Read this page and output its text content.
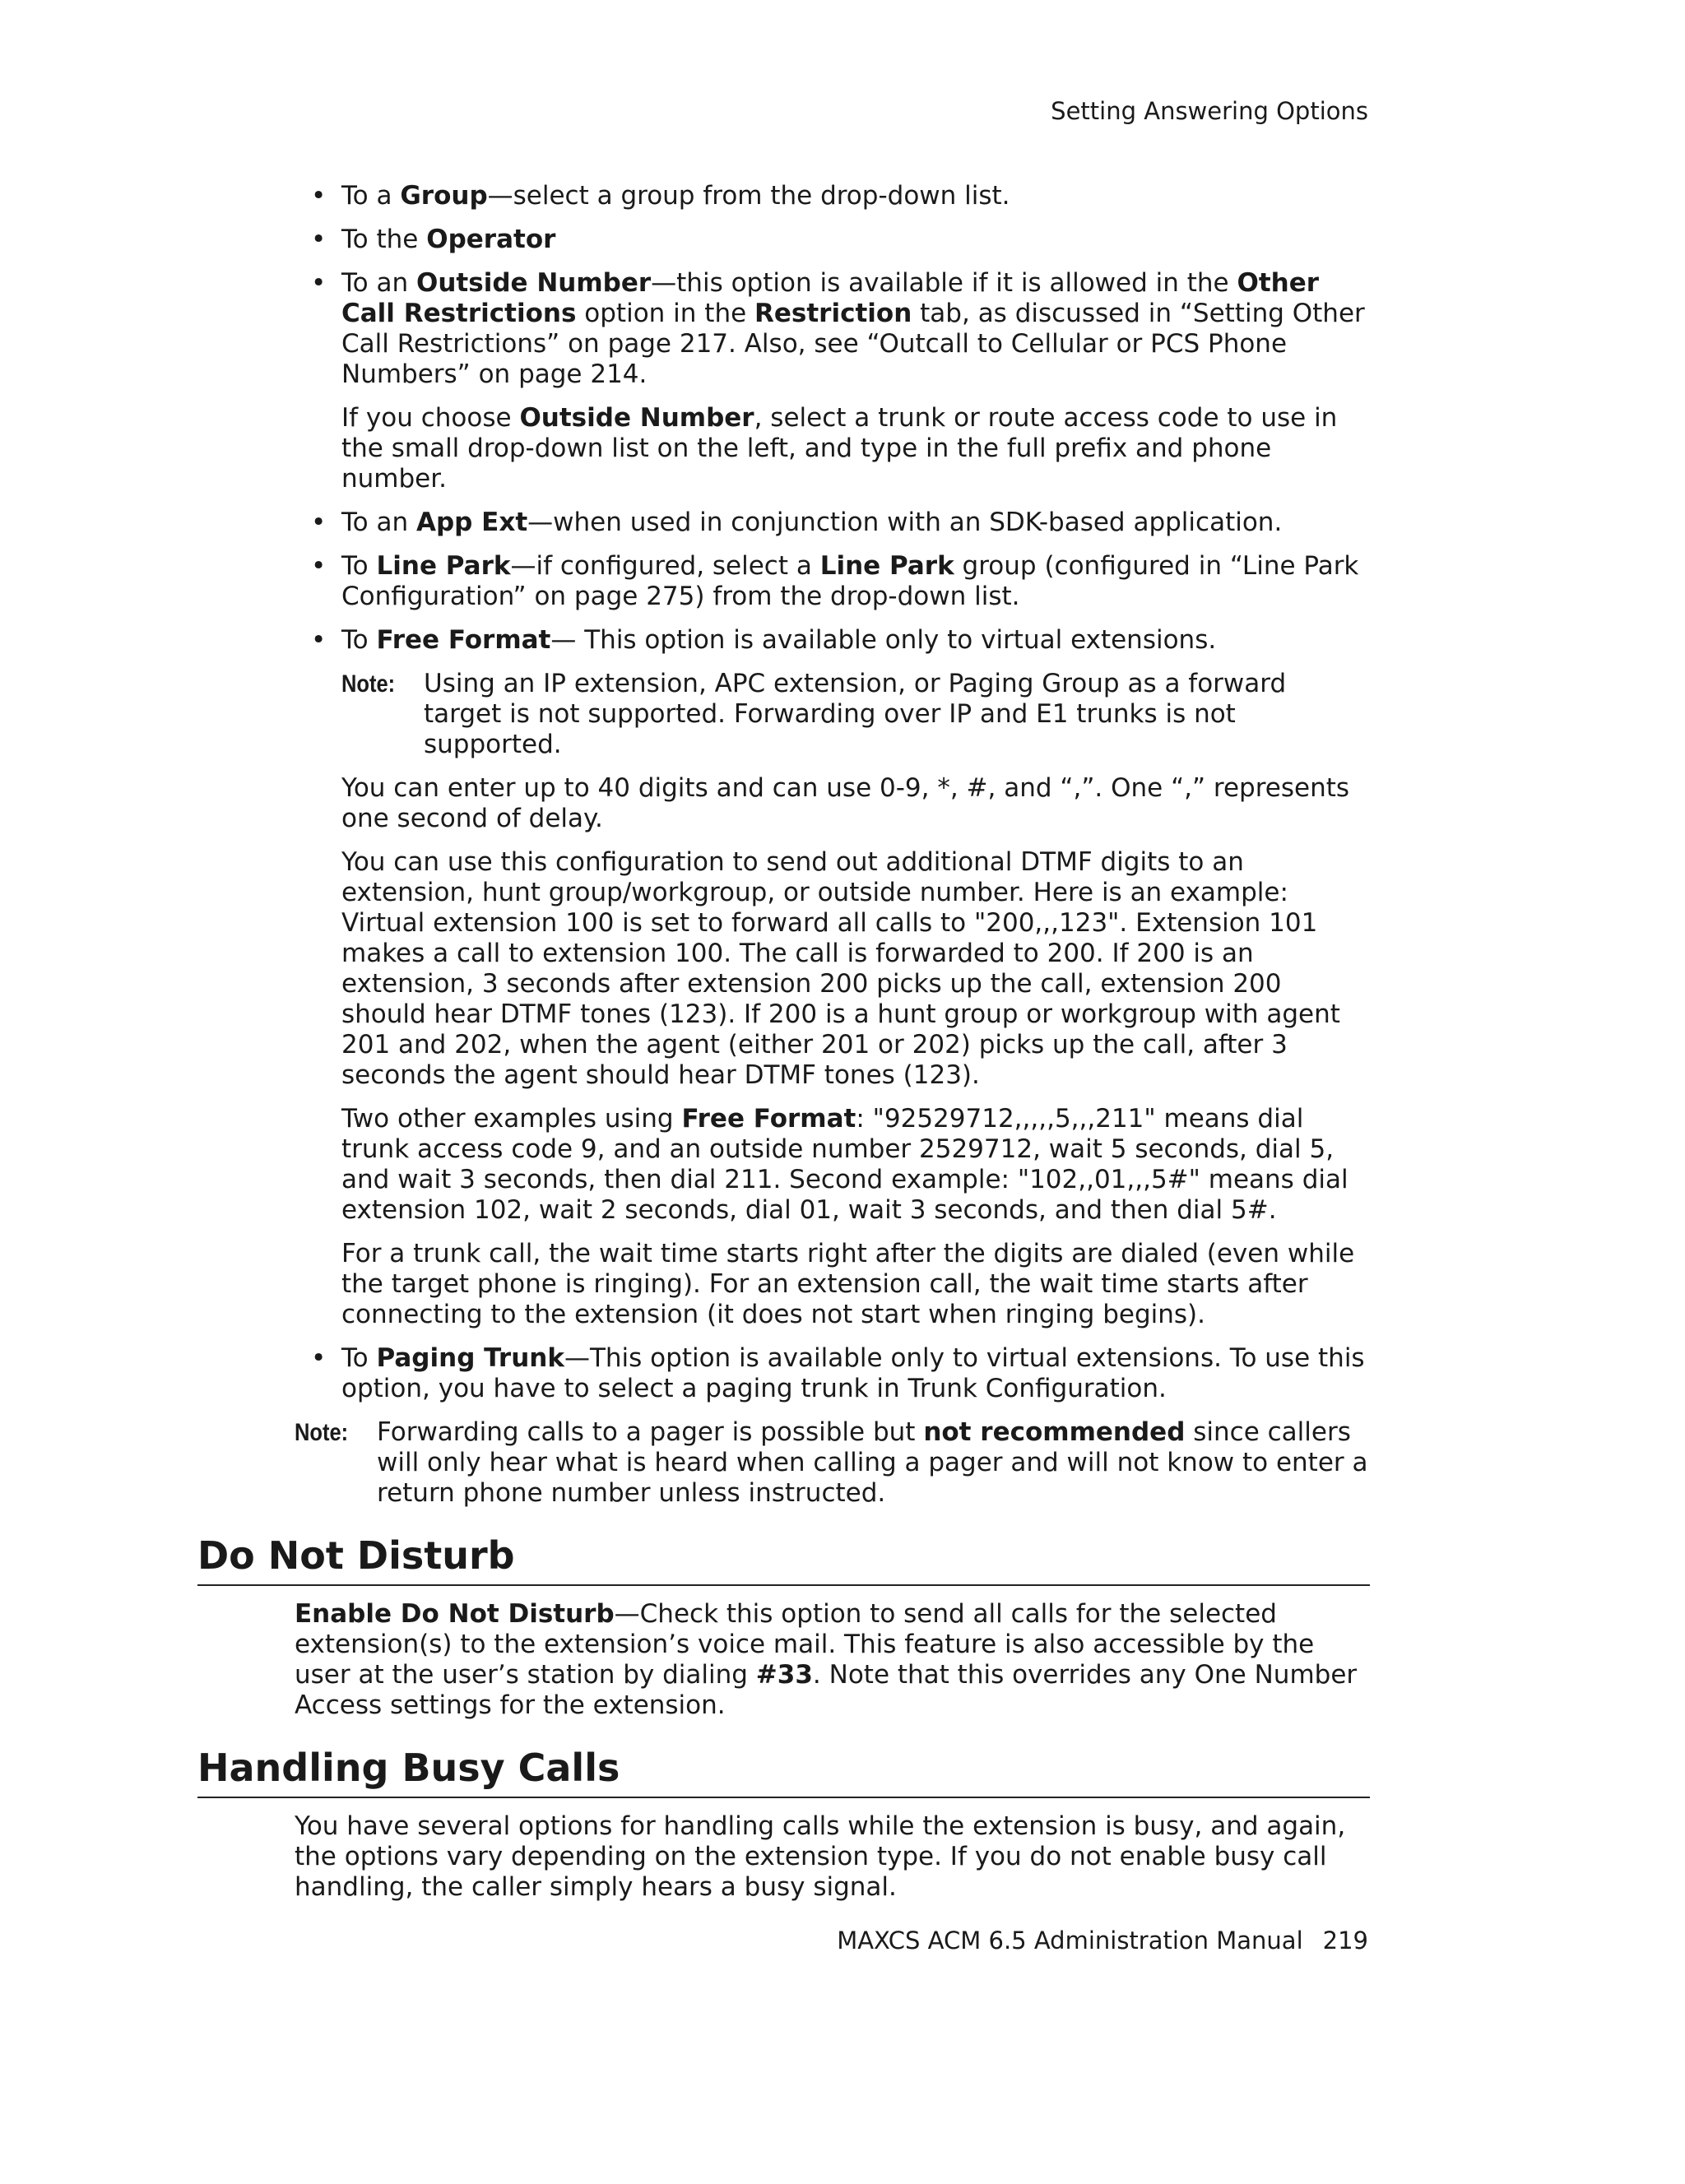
Setting Answering Options
• To a Group—select a group from the drop-down list.
• To the Operator
• To an Outside Number—this option is available if it is allowed in the Other Call Restrictions option in the Restriction tab, as discussed in “Setting Other Call Restrictions” on page 217. Also, see “Outcall to Cellular or PCS Phone Numbers” on page 214.

If you choose Outside Number, select a trunk or route access code to use in the small drop-down list on the left, and type in the full prefix and phone number.

• To an App Ext—when used in conjunction with an SDK-based application.
• To Line Park—if configured, select a Line Park group (configured in “Line Park Configuration” on page 275) from the drop-down list.
• To Free Format— This option is available only to virtual extensions.
Note:	Using an IP extension, APC extension, or Paging Group as a forward target is not supported. Forwarding over IP and E1 trunks is not supported.

You can enter up to 40 digits and can use 0-9, *, #, and “,”. One “,” represents one second of delay.

You can use this configuration to send out additional DTMF digits to an extension, hunt group/workgroup, or outside number. Here is an example: Virtual extension 100 is set to forward all calls to "200,,,123". Extension 101 makes a call to extension 100. The call is forwarded to 200. If 200 is an extension, 3 seconds after extension 200 picks up the call, extension 200 should hear DTMF tones (123). If 200 is a hunt group or workgroup with agent 201 and 202, when the agent (either 201 or 202) picks up the call, after 3 seconds the agent should hear DTMF tones (123).

Two other examples using Free Format: "92529712,,,,,5,,,211" means dial trunk access code 9, and an outside number 2529712, wait 5 seconds, dial 5, and wait 3 seconds, then dial 211. Second example: "102,,01,,,5#" means dial extension 102, wait 2 seconds, dial 01, wait 3 seconds, and then dial 5#.

For a trunk call, the wait time starts right after the digits are dialed (even while the target phone is ringing). For an extension call, the wait time starts after connecting to the extension (it does not start when ringing begins).

• To Paging Trunk—This option is available only to virtual extensions. To use this option, you have to select a paging trunk in Trunk Configuration.
Note:	Forwarding calls to a pager is possible but not recommended since callers will only hear what is heard when calling a pager and will not know to enter a return phone number unless instructed.
Do Not Disturb

Enable Do Not Disturb—Check this option to send all calls for the selected extension(s) to the extension’s voice mail. This feature is also accessible by the user at the user’s station by dialing #33. Note that this overrides any One Number Access settings for the extension.

Handling Busy Calls

You have several options for handling calls while the extension is busy, and again, the options vary depending on the extension type. If you do not enable busy call handling, the caller simply hears a busy signal.

MAXCS ACM 6.5 Administration Manual 219
